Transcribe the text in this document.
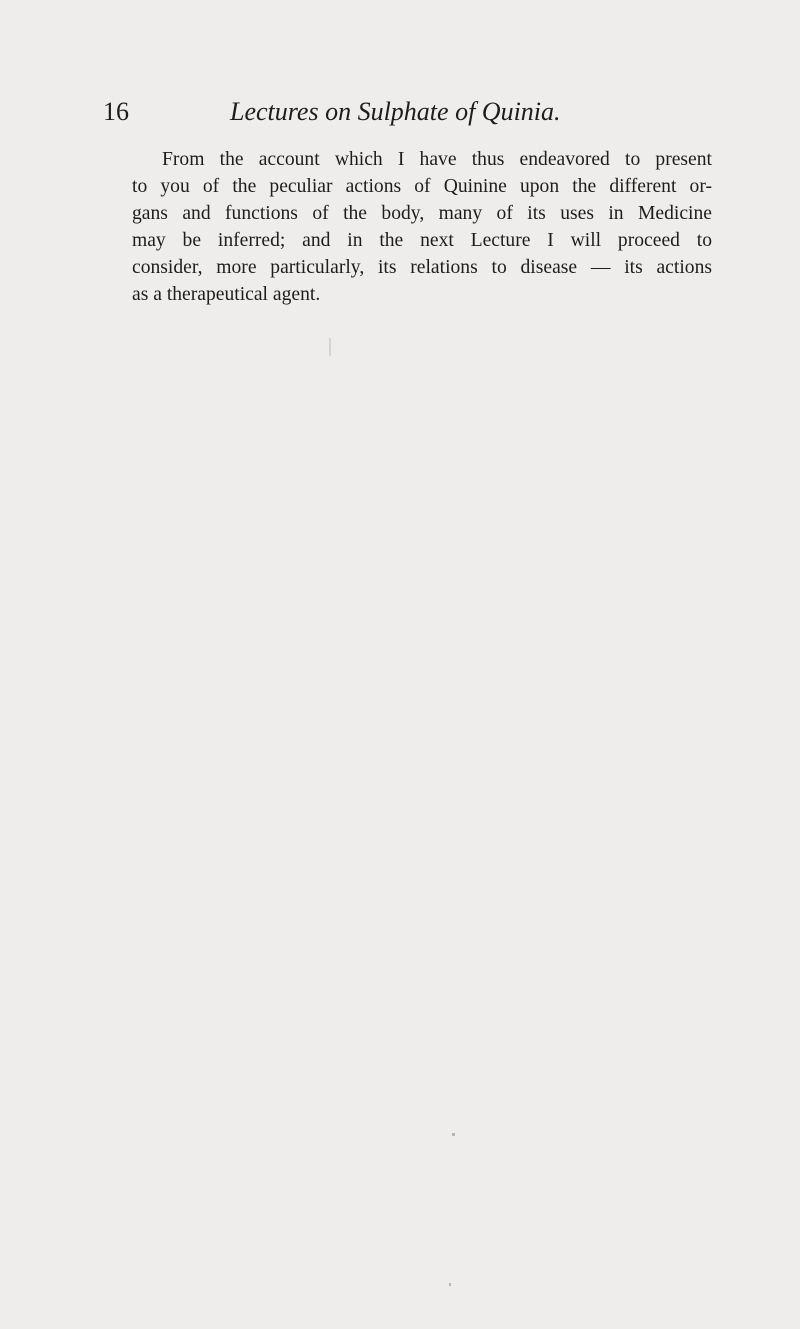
16	Lectures on Sulphate of Quinia.
From the account which I have thus endeavored to present
to you of the peculiar actions of Quinine upon the different or-
gans and functions of the body, many of its uses in Medicine
may be inferred; and in the next Lecture I will proceed to
consider, more particularly, its relations to disease — its actions
as a therapeutical agent.
